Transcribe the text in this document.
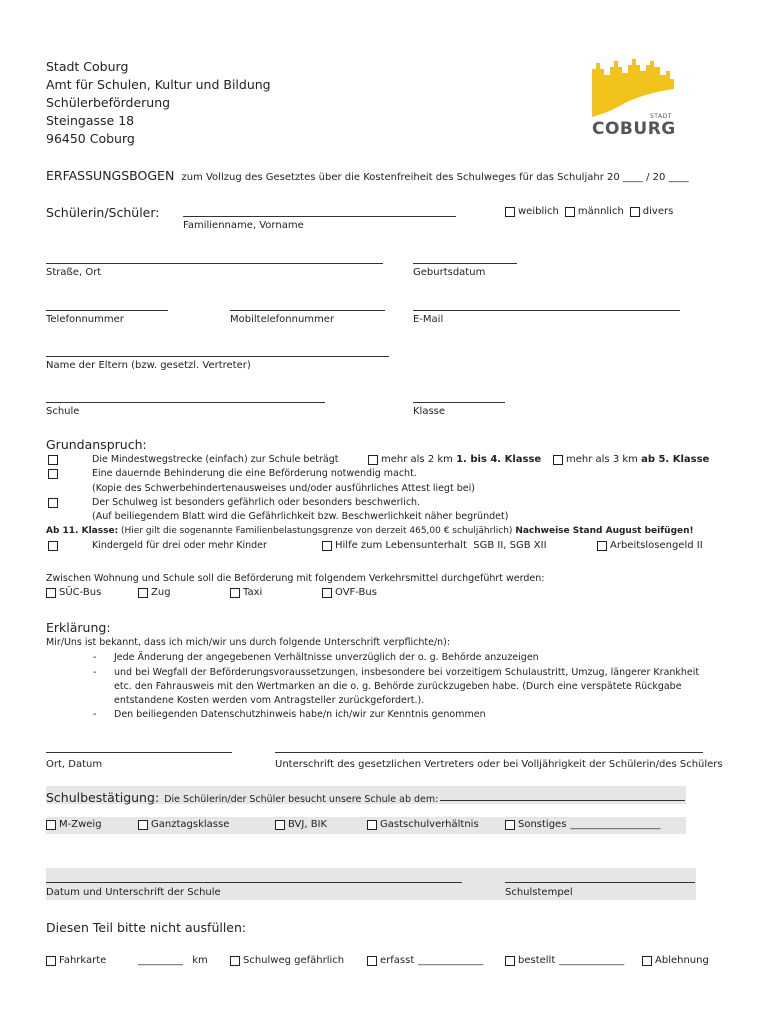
Stadt Coburg
Amt für Schulen, Kultur und Bildung
Schülerbeförderung
Steingasse 18
96450 Coburg
STADT
COBURG
ERFASSUNGSBOGEN zum Vollzug des Gesetztes über die Kostenfreiheit des Schulweges für das Schuljahr 20 ____ / 20 ____
Schülerin/Schüler:
Familienname, Vorname
weiblich männlich divers
Straße, Ort	Geburtsdatum
Telefonnummer	Mobiltelefonnummer	E-Mail
Name der Eltern (bzw. gesetzl. Vertreter)
Schule	Klasse
Grundanspruch:
Die Mindestwegstrecke (einfach) zur Schule beträgt	mehr als 2 km 1. bis 4. Klasse mehr als 3 km ab 5. Klasse
Eine dauernde Behinderung die eine Beförderung notwendig macht.
(Kopie des Schwerbehindertenausweises und/oder ausführliches Attest liegt bei)
Der Schulweg ist besonders gefährlich oder besonders beschwerlich.
(Auf beiliegendem Blatt wird die Gefährlichkeit bzw. Beschwerlichkeit näher begründet)
Ab 11. Klasse: (Hier gilt die sogenannte Familienbelastungsgrenze von derzeit 465,00 € schuljährlich) Nachweise Stand August beifügen!
Kindergeld für drei oder mehr Kinder	Hilfe zum Lebensunterhalt  SGB II, SGB XII	Arbeitslosengeld II
Zwischen Wohnung und Schule soll die Beförderung mit folgendem Verkehrsmittel durchgeführt werden:
SÜC-Bus	Zug	Taxi	OVF-Bus
Erklärung:
Mir/Uns ist bekannt, dass ich mich/wir uns durch folgende Unterschrift verpflichte/n):
- Jede Änderung der angegebenen Verhältnisse unverzüglich der o. g. Behörde anzuzeigen
- und bei Wegfall der Beförderungsvoraussetzungen, insbesondere bei vorzeitigem Schulaustritt, Umzug, längerer Krankheit
etc. den Fahrausweis mit den Wertmarken an die o. g. Behörde zurückzugeben habe. (Durch eine verspätete Rückgabe
entstandene Kosten werden vom Antragsteller zurückgefordert.).
- Den beiliegenden Datenschutzhinweis habe/n ich/wir zur Kenntnis genommen
Ort, Datum	Unterschrift des gesetzlichen Vertreters oder bei Volljährigkeit der Schülerin/des Schülers
Schulbestätigung: Die Schülerin/der Schüler besucht unsere Schule ab dem:
M-Zweig	Ganztagsklasse	BVJ, BIK	Gastschulverhältnis	Sonstiges __________________
Datum und Unterschrift der Schule	Schulstempel
Diesen Teil bitte nicht ausfüllen:
Fahrkarte	_________ km	Schulweg gefährlich	erfasst _____________	bestellt _____________	Ablehnung
